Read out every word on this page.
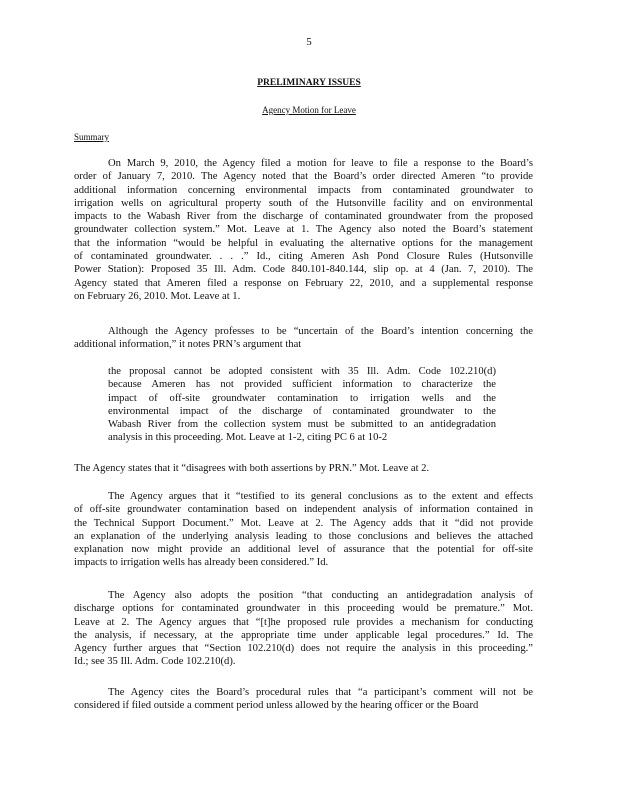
5
PRELIMINARY ISSUES
Agency Motion for Leave
Summary
On March 9, 2010, the Agency filed a motion for leave to file a response to the Board’s
order of January 7, 2010. The Agency noted that the Board’s order directed Ameren “to provide
additional information concerning environmental impacts from contaminated groundwater to
irrigation wells on agricultural property south of the Hutsonville facility and on environmental
impacts to the Wabash River from the discharge of contaminated groundwater from the proposed
groundwater collection system.” Mot. Leave at 1. The Agency also noted the Board’s statement
that the information “would be helpful in evaluating the alternative options for the management
of contaminated groundwater. . . .” Id., citing Ameren Ash Pond Closure Rules (Hutsonville
Power Station): Proposed 35 Ill. Adm. Code 840.101-840.144, slip op. at 4 (Jan. 7, 2010). The
Agency stated that Ameren filed a response on February 22, 2010, and a supplemental response
on February 26, 2010. Mot. Leave at 1.
Although the Agency professes to be “uncertain of the Board’s intention concerning the
additional information,” it notes PRN’s argument that
the proposal cannot be adopted consistent with 35 Ill. Adm. Code 102.210(d)
because Ameren has not provided sufficient information to characterize the
impact of off-site groundwater contamination to irrigation wells and the
environmental impact of the discharge of contaminated groundwater to the
Wabash River from the collection system must be submitted to an antidegradation
analysis in this proceeding. Mot. Leave at 1-2, citing PC 6 at 10-2
The Agency states that it “disagrees with both assertions by PRN.” Mot. Leave at 2.
The Agency argues that it “testified to its general conclusions as to the extent and effects
of off-site groundwater contamination based on independent analysis of information contained in
the Technical Support Document.” Mot. Leave at 2. The Agency adds that it “did not provide
an explanation of the underlying analysis leading to those conclusions and believes the attached
explanation now might provide an additional level of assurance that the potential for off-site
impacts to irrigation wells has already been considered.” Id.
The Agency also adopts the position “that conducting an antidegradation analysis of
discharge options for contaminated groundwater in this proceeding would be premature.” Mot.
Leave at 2. The Agency argues that “[t]he proposed rule provides a mechanism for conducting
the analysis, if necessary, at the appropriate time under applicable legal procedures.” Id. The
Agency further argues that “Section 102.210(d) does not require the analysis in this proceeding.”
Id.; see 35 Ill. Adm. Code 102.210(d).
The Agency cites the Board’s procedural rules that “a participant’s comment will not be
considered if filed outside a comment period unless allowed by the hearing officer or the Board
